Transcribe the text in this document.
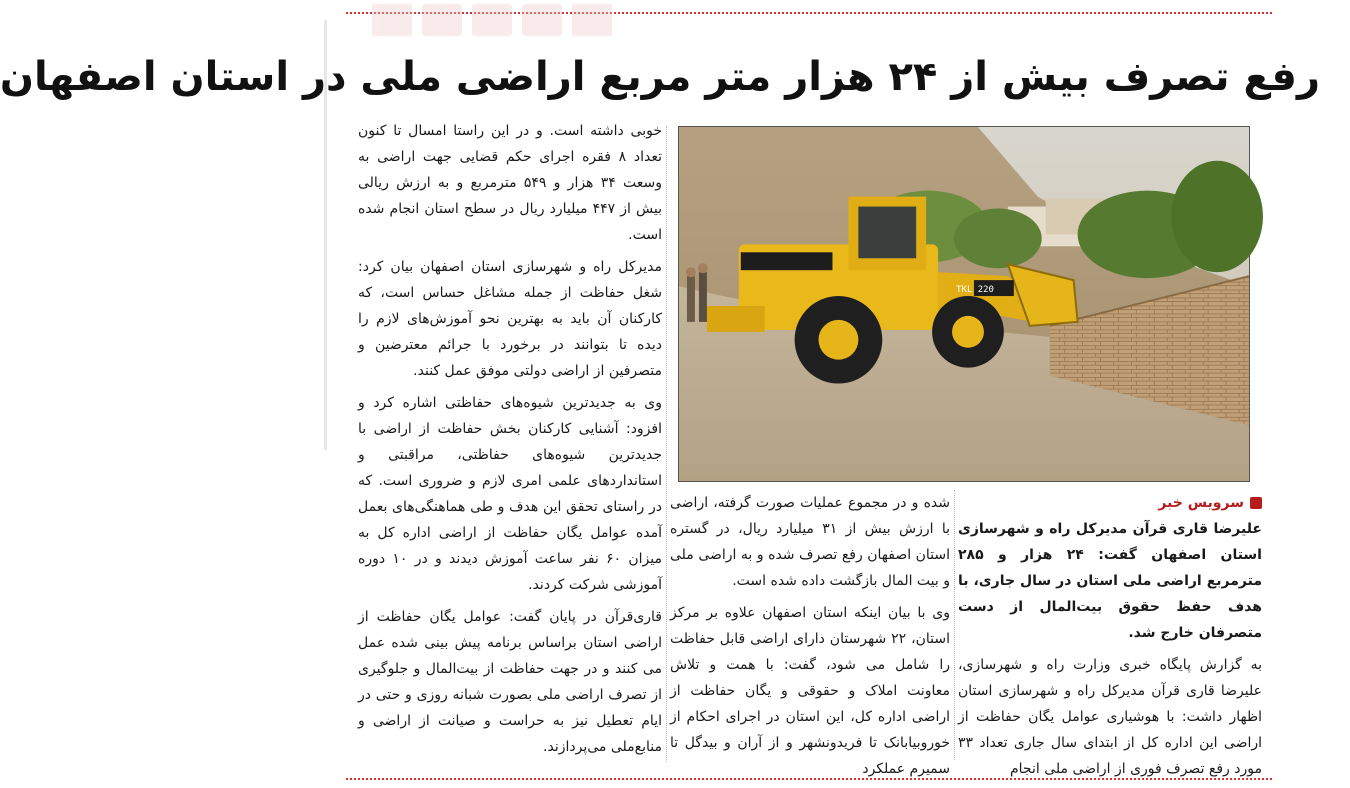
رفع تصرف بیش از ۲۴ هزار متر مربع اراضی ملی در استان اصفهان
TKL 220
سرویس خبر

علیرضا قاری قرآن مدیرکل راه و شهرسازی استان اصفهان گفت: ۲۴ هزار و ۲۸۵ مترمربع اراضی ملی استان در سال جاری، با هدف حفظ حقوق بیت‌المال از دست متصرفان خارج شد.

به گزارش پایگاه خبری وزارت راه و شهرسازی، علیرضا قاری قرآن مدیرکل راه و شهرسازی استان اظهار داشت: با هوشیاری عوامل یگان حفاظت از اراضی این اداره کل از ابتدای سال جاری تعداد ۳۳ مورد رفع تصرف فوری از اراضی ملی انجام

شده و در مجموع عملیات صورت گرفته، اراضی با ارزش بیش از ۳۱ میلیارد ریال، در گستره استان اصفهان رفع تصرف شده و به اراضی ملی و بیت المال بازگشت داده شده است.

وی با بیان اینکه استان اصفهان علاوه بر مرکز استان، ۲۲ شهرستان دارای اراضی قابل حفاظت را شامل می شود، گفت: با همت و تلاش معاونت املاک و حقوقی و یگان حفاظت از اراضی اداره کل، این استان در اجرای احکام از خوروبیابانک تا فریدونشهر و از آران و بیدگل تا سمیرم عملکرد

خوبی داشته است. و در این راستا امسال تا کنون تعداد ۸ فقره اجرای حکم قضایی جهت اراضی به وسعت ۳۴ هزار و ۵۴۹ مترمربع و به ارزش ریالی بیش از ۴۴۷ میلیارد ریال در سطح استان انجام شده است.

مدیرکل راه و شهرسازی استان اصفهان بیان کرد: شغل حفاظت از جمله مشاغل حساس است، که کارکنان آن باید به بهترین نحو آموزش‌های لازم را دیده تا بتوانند در برخورد با جرائم معترضین و متصرفین از اراضی دولتی موفق عمل کنند.

وی به جدیدترین شیوه‌های حفاظتی اشاره کرد و افزود: آشنایی کارکنان بخش حفاظت از اراضی با جدیدترین شیوه‌های حفاظتی، مراقبتی و استانداردهای علمی امری لازم و ضروری است. که در راستای تحقق این هدف و طی هماهنگی‌های بعمل آمده عوامل یگان حفاظت از اراضی اداره کل به میزان ۶۰ نفر ساعت آموزش دیدند و در ۱۰ دوره آموزشی شرکت کردند.

قاری‌قرآن در پایان گفت: عوامل یگان حفاظت از اراضی استان براساس برنامه پیش بینی شده عمل می کنند و در جهت حفاظت از بیت‌المال و جلوگیری از تصرف اراضی ملی بصورت شبانه روزی و حتی در ایام تعطیل نیز به حراست و صیانت از اراضی و منابع‌ملی می‌پردازند.
